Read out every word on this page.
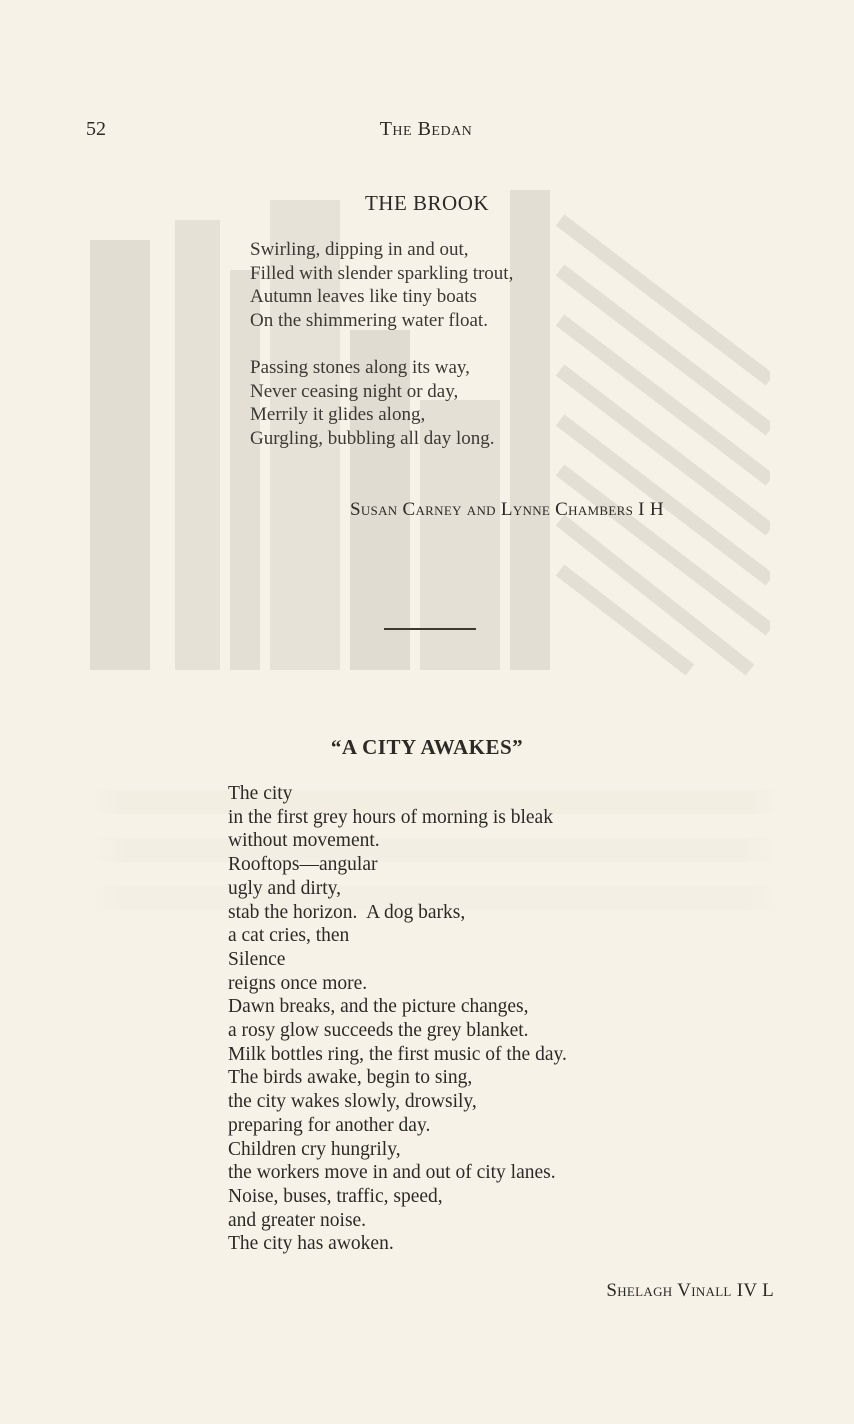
52	The Bedan
THE BROOK
Swirling, dipping in and out,
Filled with slender sparkling trout,
Autumn leaves like tiny boats
On the shimmering water float.
Passing stones along its way,
Never ceasing night or day,
Merrily it glides along,
Gurgling, bubbling all day long.
Susan Carney and Lynne Chambers I H
“A CITY AWAKES”
The city
in the first grey hours of morning is bleak
without movement.
Rooftops—angular
ugly and dirty,
stab the horizon.  A dog barks,
a cat cries, then
Silence
reigns once more.
Dawn breaks, and the picture changes,
a rosy glow succeeds the grey blanket.
Milk bottles ring, the first music of the day.
The birds awake, begin to sing,
the city wakes slowly, drowsily,
preparing for another day.
Children cry hungrily,
the workers move in and out of city lanes.
Noise, buses, traffic, speed,
and greater noise.
The city has awoken.
Shelagh Vinall IV L
